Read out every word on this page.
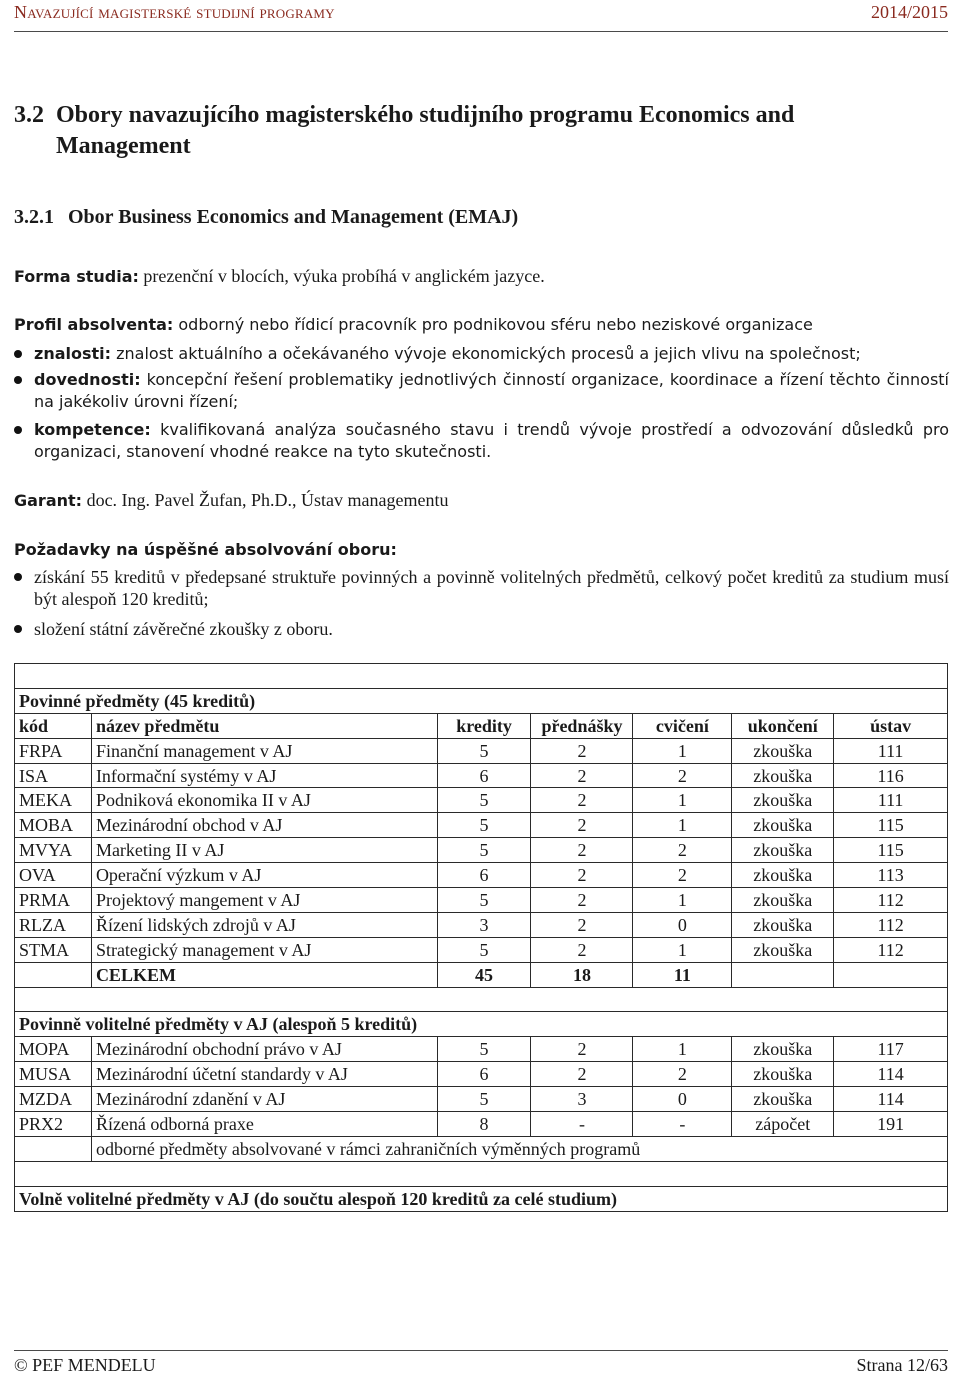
Navazující magisterské studijní programy	2014/2015
3.2 Obory navazujícího magisterského studijního programu Economics and
Management
3.2.1 Obor Business Economics and Management (EMAJ)
Forma studia: prezenční v blocích, výuka probíhá v anglickém jazyce.
Profil absolventa: odborný nebo řídicí pracovník pro podnikovou sféru nebo neziskové organizace
znalosti: znalost aktuálního a očekávaného vývoje ekonomických procesů a jejich vlivu na společnost;
dovednosti: koncepční řešení problematiky jednotlivých činností organizace, koordinace a řízení těchto činností na jakékoliv úrovni řízení;
kompetence: kvalifikovaná analýza současného stavu i trendů vývoje prostředí a odvozování důsledků pro organizaci, stanovení vhodné reakce na tyto skutečnosti.
Garant: doc. Ing. Pavel Žufan, Ph.D., Ústav managementu
Požadavky na úspěšné absolvování oboru:
získání 55 kreditů v předepsané struktuře povinných a povinně volitelných předmětů, celkový počet kreditů za studium musí být alespoň 120 kreditů;
složení státní závěrečné zkoušky z oboru.

Povinné předměty (45 kreditů)						
kód	název předmětu	kredity	přednášky	cvičení	ukončení	ústav
FRPA	Finanční management v AJ	5	2	1	zkouška	111
ISA	Informační systémy v AJ	6	2	2	zkouška	116
MEKA	Podniková ekonomika II v AJ	5	2	1	zkouška	111
MOBA	Mezinárodní obchod v AJ	5	2	1	zkouška	115
MVYA	Marketing II v AJ	5	2	2	zkouška	115
OVA	Operační výzkum v AJ	6	2	2	zkouška	113
PRMA	Projektový mangement v AJ	5	2	1	zkouška	112
RLZA	Řízení lidských zdrojů v AJ	3	2	0	zkouška	112
STMA	Strategický management v AJ	5	2	1	zkouška	112
	CELKEM	45	18	11		

Povinně volitelné předměty v AJ (alespoň 5 kreditů)						
MOPA	Mezinárodní obchodní právo v AJ	5	2	1	zkouška	117
MUSA	Mezinárodní účetní standardy v AJ	6	2	2	zkouška	114
MZDA	Mezinárodní zdanění v AJ	5	3	0	zkouška	114
PRX2	Řízená odborná praxe	8	-	-	zápočet	191
	odborné předměty absolvované v rámci zahraničních výměnných programů					

Volně volitelné předměty v AJ (do součtu alespoň 120 kreditů za celé studium)						
© PEF MENDELU	Strana 12/63
